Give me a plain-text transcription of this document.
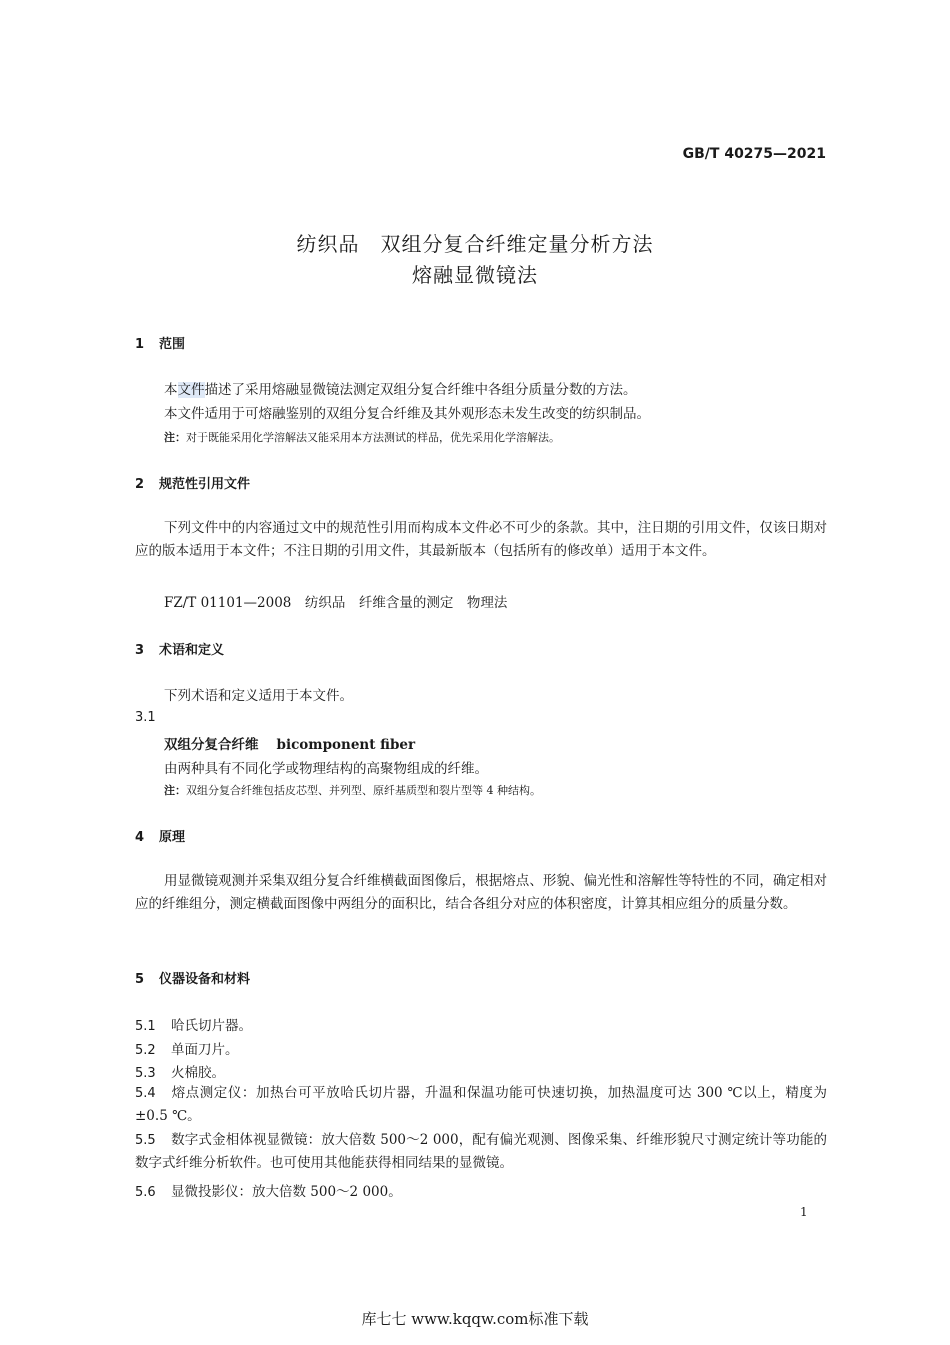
GB/T 40275—2021
纺织品　双组分复合纤维定量分析方法
熔融显微镜法
1 范围
本文件描述了采用熔融显微镜法测定双组分复合纤维中各组分质量分数的方法。
本文件适用于可熔融鉴别的双组分复合纤维及其外观形态未发生改变的纺织制品。
注：对于既能采用化学溶解法又能采用本方法测试的样品，优先采用化学溶解法。
2 规范性引用文件
下列文件中的内容通过文中的规范性引用而构成本文件必不可少的条款。其中，注日期的引用文件，仅该日期对应的版本适用于本文件；不注日期的引用文件，其最新版本（包括所有的修改单）适用于本文件。
FZ/T 01101—2008　纺织品　纤维含量的测定　物理法
3 术语和定义
下列术语和定义适用于本文件。
3.1
双组分复合纤维 bicomponent fiber
由两种具有不同化学或物理结构的高聚物组成的纤维。
注：双组分复合纤维包括皮芯型、并列型、原纤基质型和裂片型等 4 种结构。
4 原理
用显微镜观测并采集双组分复合纤维横截面图像后，根据熔点、形貌、偏光性和溶解性等特性的不同，确定相对应的纤维组分，测定横截面图像中两组分的面积比，结合各组分对应的体积密度，计算其相应组分的质量分数。
5 仪器设备和材料
5.1 哈氏切片器。
5.2 单面刀片。
5.3 火棉胶。
5.4 熔点测定仪：加热台可平放哈氏切片器，升温和保温功能可快速切换，加热温度可达 300 ℃以上，精度为±0.5 ℃。
5.5 数字式金相体视显微镜：放大倍数 500～2 000，配有偏光观测、图像采集、纤维形貌尺寸测定统计等功能的数字式纤维分析软件。也可使用其他能获得相同结果的显微镜。
5.6 显微投影仪：放大倍数 500～2 000。
1
库七七 www.kqqw.com标准下载
